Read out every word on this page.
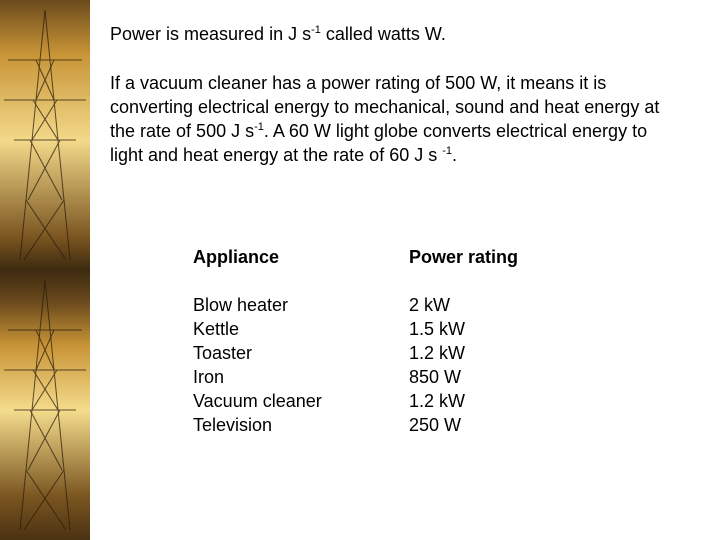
Power is measured in J $s^{-1}$ called watts W.
If a vacuum cleaner has a power rating of 500 W, it means it is converting electrical energy to mechanical, sound and heat energy at the rate of 500 J $s^{-1}$. A 60 W light globe converts electrical energy to light and heat energy at the rate of 60 J s $^{-1}$.
Appliance
Blow heater
Kettle
Toaster
Iron
Vacuum cleaner
Television
Power rating
2 kW
1.5 kW
1.2 kW
850 W
1.2 kW
250 W
